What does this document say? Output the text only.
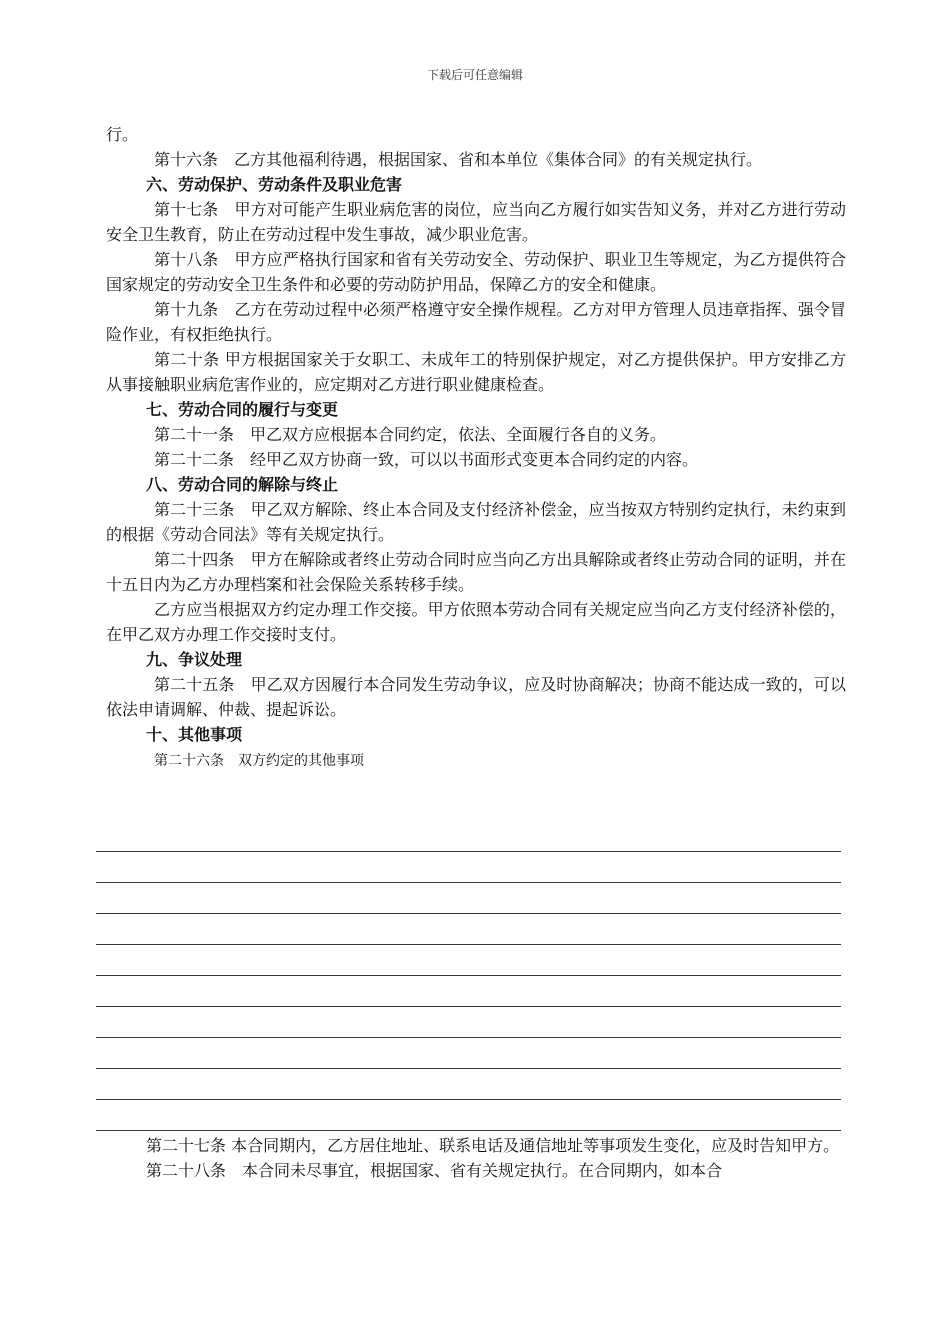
下载后可任意编辑

行。

第十六条　乙方其他福利待遇，根据国家、省和本单位《集体合同》的有关规定执行。

六、劳动保护、劳动条件及职业危害

第十七条　甲方对可能产生职业病危害的岗位，应当向乙方履行如实告知义务，并对乙方进行劳动安全卫生教育，防止在劳动过程中发生事故，减少职业危害。

第十八条　甲方应严格执行国家和省有关劳动安全、劳动保护、职业卫生等规定，为乙方提供符合国家规定的劳动安全卫生条件和必要的劳动防护用品，保障乙方的安全和健康。

第十九条　乙方在劳动过程中必须严格遵守安全操作规程。乙方对甲方管理人员违章指挥、强令冒险作业，有权拒绝执行。

第二十条 甲方根据国家关于女职工、未成年工的特别保护规定，对乙方提供保护。甲方安排乙方从事接触职业病危害作业的，应定期对乙方进行职业健康检查。

七、劳动合同的履行与变更

第二十一条　甲乙双方应根据本合同约定，依法、全面履行各自的义务。

第二十二条　经甲乙双方协商一致，可以以书面形式变更本合同约定的内容。

八、劳动合同的解除与终止

第二十三条　甲乙双方解除、终止本合同及支付经济补偿金，应当按双方特别约定执行，未约束到的根据《劳动合同法》等有关规定执行。

第二十四条　甲方在解除或者终止劳动合同时应当向乙方出具解除或者终止劳动合同的证明，并在十五日内为乙方办理档案和社会保险关系转移手续。

乙方应当根据双方约定办理工作交接。甲方依照本劳动合同有关规定应当向乙方支付经济补偿的，在甲乙双方办理工作交接时支付。

九、争议处理

第二十五条　甲乙双方因履行本合同发生劳动争议，应及时协商解决；协商不能达成一致的，可以依法申请调解、仲裁、提起诉讼。

十、其他事项

第二十六条　双方约定的其他事项

第二十七条 本合同期内，乙方居住地址、联系电话及通信地址等事项发生变化，应及时告知甲方。

第二十八条　本合同未尽事宜，根据国家、省有关规定执行。在合同期内，如本合
